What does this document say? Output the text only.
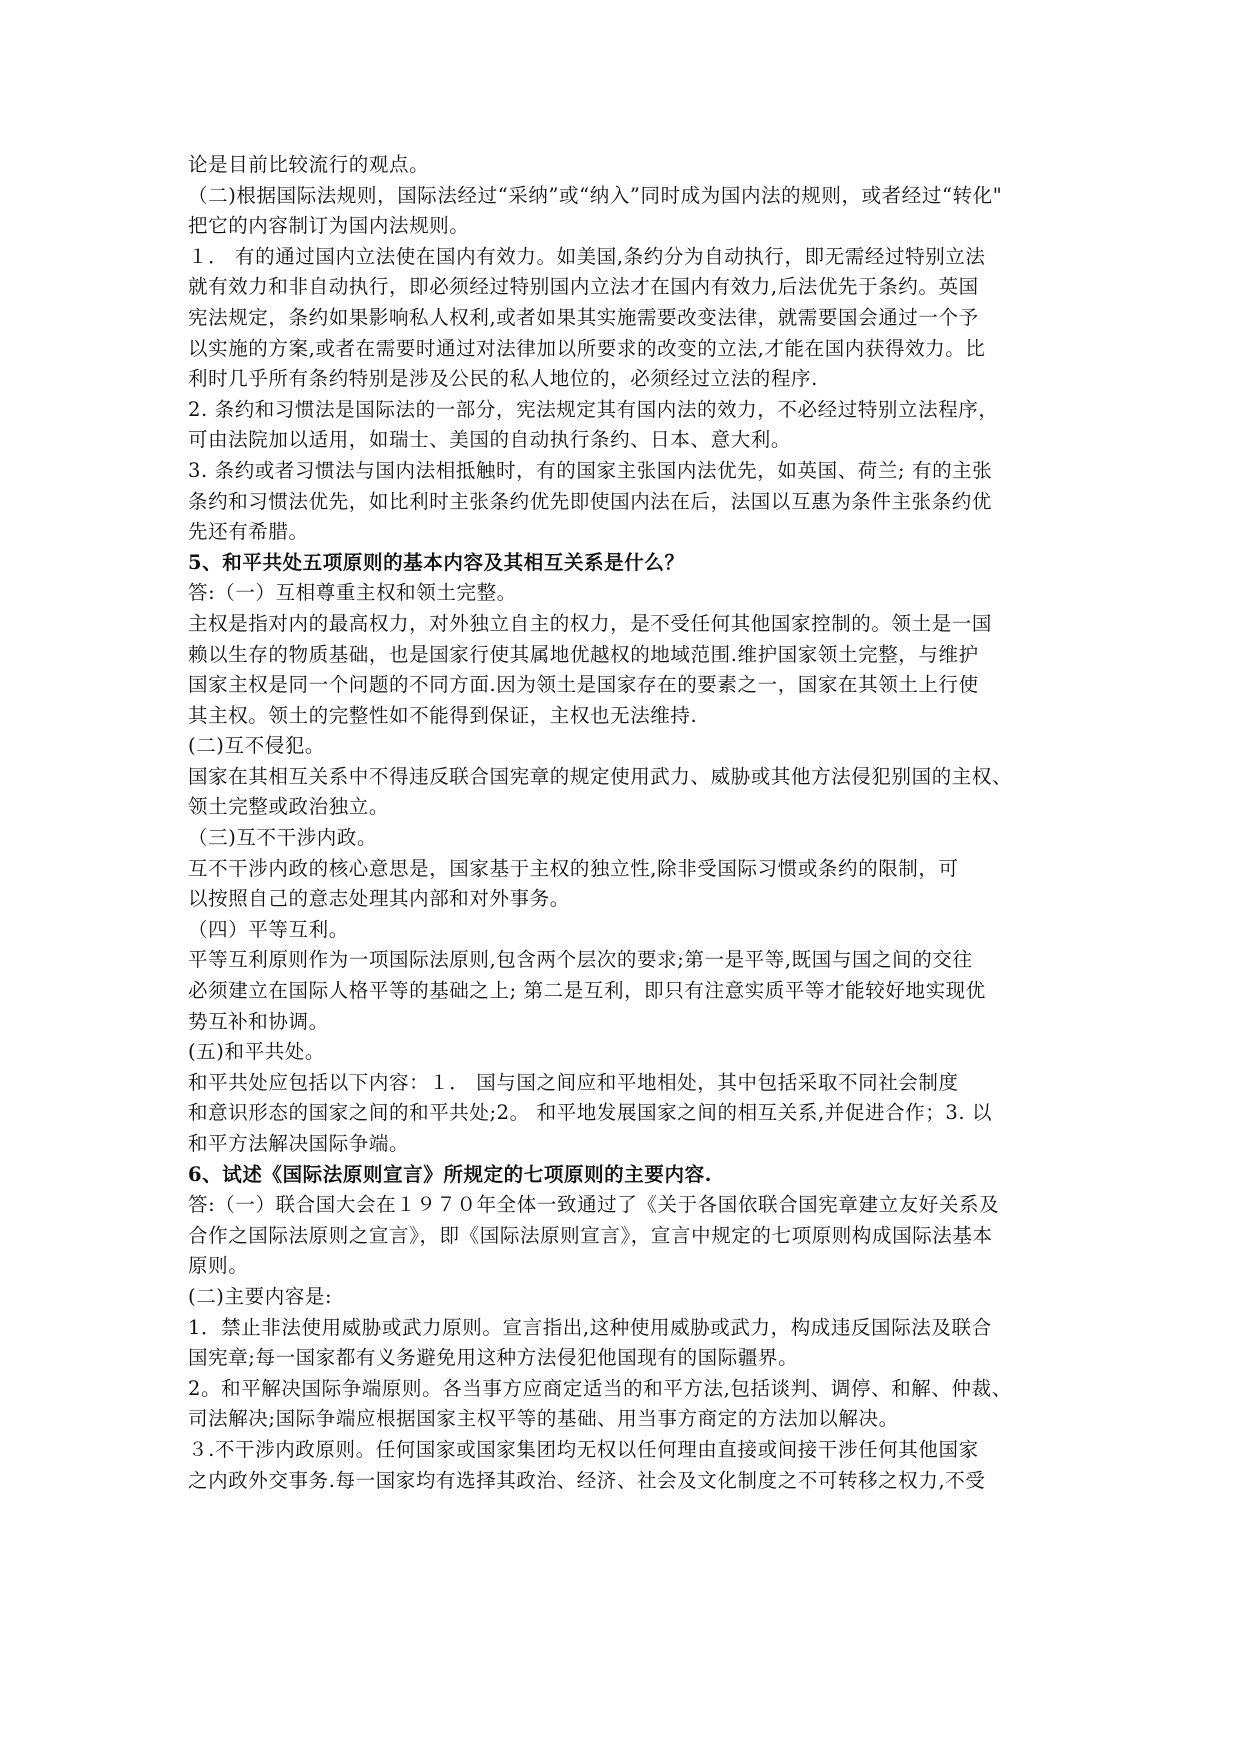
论是目前比较流行的观点。
（二)根据国际法规则，国际法经过“采纳”或“纳入”同时成为国内法的规则，或者经过“转化"
把它的内容制订为国内法规则。
１． 有的通过国内立法使在国内有效力。如美国,条约分为自动执行，即无需经过特别立法
就有效力和非自动执行，即必须经过特别国内立法才在国内有效力,后法优先于条约。英国
宪法规定，条约如果影响私人权利,或者如果其实施需要改变法律，就需要国会通过一个予
以实施的方案,或者在需要时通过对法律加以所要求的改变的立法,才能在国内获得效力。比
利时几乎所有条约特别是涉及公民的私人地位的，必须经过立法的程序.
2. 条约和习惯法是国际法的一部分，宪法规定其有国内法的效力，不必经过特别立法程序，
可由法院加以适用，如瑞士、美国的自动执行条约、日本、意大利。
3. 条约或者习惯法与国内法相抵触时，有的国家主张国内法优先，如英国、荷兰; 有的主张
条约和习惯法优先，如比利时主张条约优先即使国内法在后，法国以互惠为条件主张条约优
先还有希腊。
5、和平共处五项原则的基本内容及其相互关系是什么？
答:（一）互相尊重主权和领土完整。
主权是指对内的最高权力，对外独立自主的权力，是不受任何其他国家控制的。领土是一国
赖以生存的物质基础，也是国家行使其属地优越权的地域范围.维护国家领土完整，与维护
国家主权是同一个问题的不同方面.因为领土是国家存在的要素之一，国家在其领土上行使
其主权。领土的完整性如不能得到保证，主权也无法维持.
(二)互不侵犯。
国家在其相互关系中不得违反联合国宪章的规定使用武力、威胁或其他方法侵犯别国的主权、
领土完整或政治独立。
（三)互不干涉内政。
互不干涉内政的核心意思是，国家基于主权的独立性,除非受国际习惯或条约的限制，可
以按照自己的意志处理其内部和对外事务。
（四）平等互利。
平等互利原则作为一项国际法原则,包含两个层次的要求;第一是平等,既国与国之间的交往
必须建立在国际人格平等的基础之上; 第二是互利，即只有注意实质平等才能较好地实现优
势互补和协调。
(五)和平共处。
和平共处应包括以下内容：１． 国与国之间应和平地相处，其中包括采取不同社会制度
和意识形态的国家之间的和平共处;2。 和平地发展国家之间的相互关系,并促进合作；3. 以
和平方法解决国际争端。
6、试述《国际法原则宣言》所规定的七项原则的主要内容.
答:（一）联合国大会在１９７０年全体一致通过了《关于各国依联合国宪章建立友好关系及
合作之国际法原则之宣言》，即《国际法原则宣言》，宣言中规定的七项原则构成国际法基本
原则。
(二)主要内容是:
1．禁止非法使用威胁或武力原则。宣言指出,这种使用威胁或武力，构成违反国际法及联合
国宪章;每一国家都有义务避免用这种方法侵犯他国现有的国际疆界。
2。和平解决国际争端原则。各当事方应商定适当的和平方法,包括谈判、调停、和解、仲裁、
司法解决;国际争端应根据国家主权平等的基础、用当事方商定的方法加以解决。
３.不干涉内政原则。任何国家或国家集团均无权以任何理由直接或间接干涉任何其他国家
之内政外交事务.每一国家均有选择其政治、经济、社会及文化制度之不可转移之权力,不受
